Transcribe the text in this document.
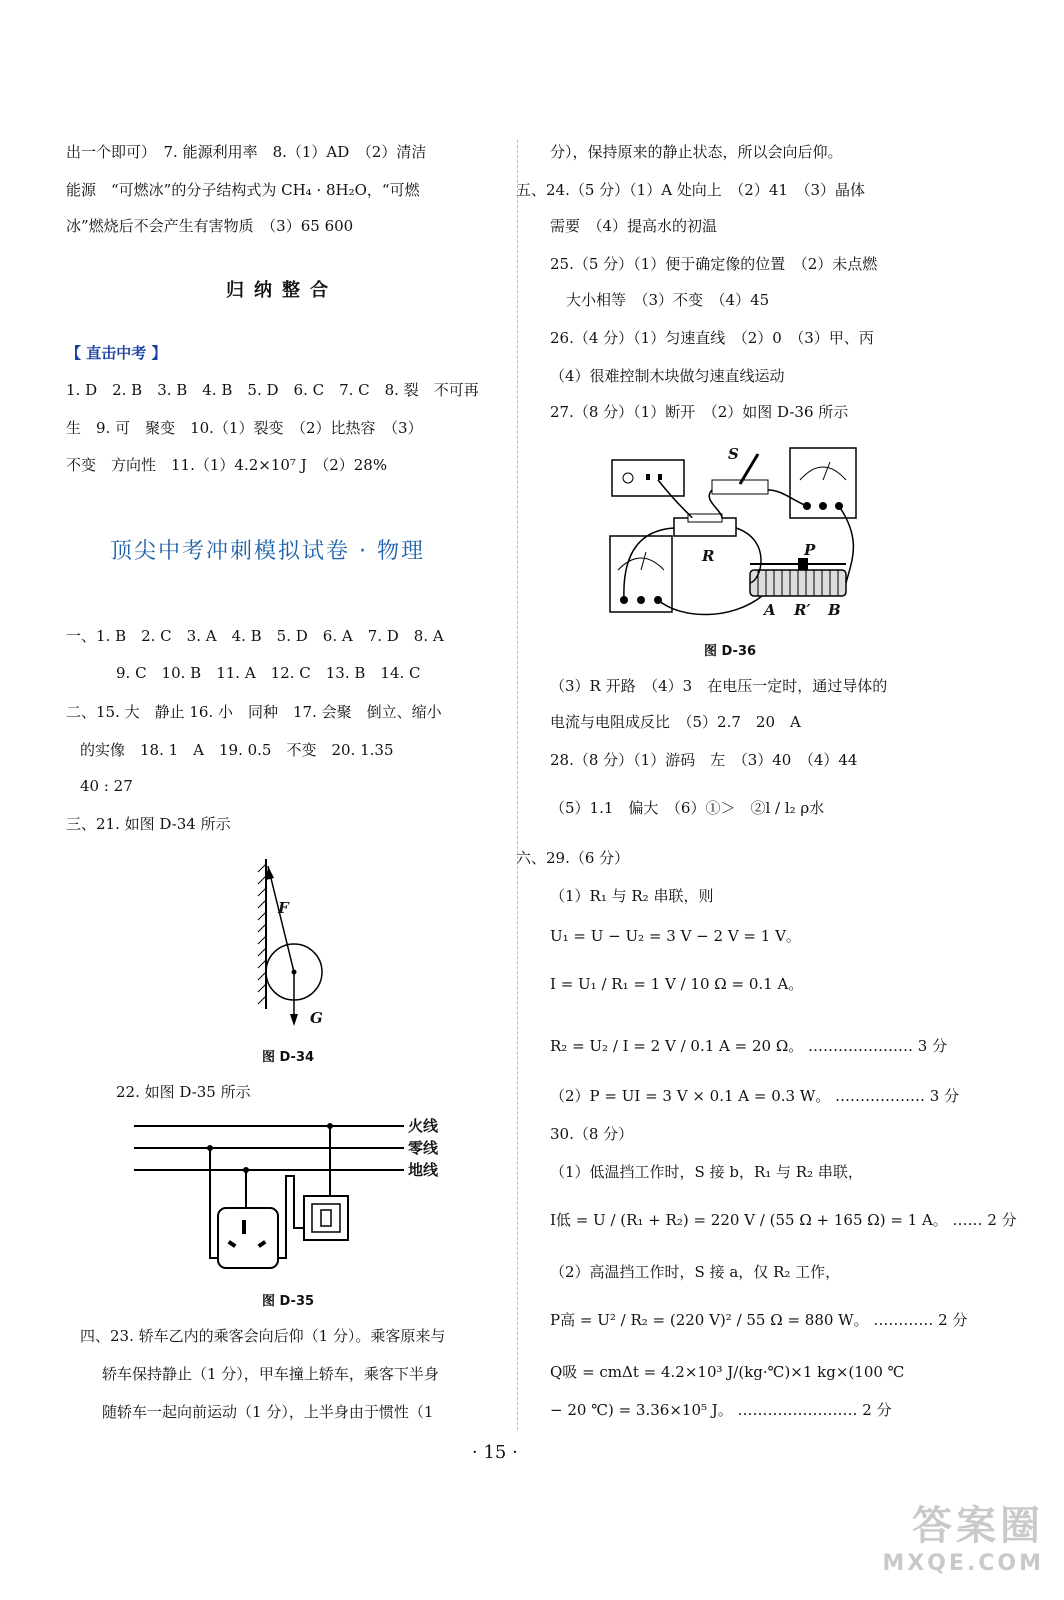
出一个即可）　7. 能源利用率　8.（1）AD　（2）清洁
能源　“可燃冰”的分子结构式为 CH₄ · 8H₂O，“可燃
冰”燃烧后不会产生有害物质　（3）65 600
归纳整合
【 直击中考 】
1. D　2. B　3. B　4. B　5. D　6. C　7. C　8. 裂　不可再
生　9. 可　聚变　10.（1）裂变　（2）比热容　（3）
不变　方向性　11.（1）4.2×10⁷ J　（2）28%
顶尖中考冲刺模拟试卷 · 物理
一、1. B　2. C　3. A　4. B　5. D　6. A　7. D　8. A
9. C　10. B　11. A　12. C　13. B　14. C
二、15. 大　静止 16. 小　同种　17. 会聚　倒立、缩小
的实像　18. 1　A　19. 0.5　不变　20. 1.35
40 : 27
三、21. 如图 D-34 所示
F
G
图 D-34
22. 如图 D-35 所示
火线
零线
地线
图 D-35
四、23. 轿车乙内的乘客会向后仰（1 分）。乘客原来与
轿车保持静止（1 分），甲车撞上轿车，乘客下半身
随轿车一起向前运动（1 分），上半身由于惯性（1
分），保持原来的静止状态，所以会向后仰。
五、24.（5 分）（1）A 处向上　（2）41　（3）晶体
需要　（4）提高水的初温
25.（5 分）（1）便于确定像的位置　（2）未点燃
大小相等　（3）不变　（4）45
26.（4 分）（1）匀速直线　（2）0　（3）甲、丙
（4）很难控制木块做匀速直线运动
27.（8 分）（1）断开　（2）如图 D-36 所示
S
R	P
R′
A	B
图 D-36
（3）R 开路　（4）3　在电压一定时，通过导体的
电流与电阻成反比　（5）2.7　20　A
28.（8 分）（1）游码　左　（3）40　（4）44
（5）1.1　偏大　（6）①＞　②l / l₂ ρ水
六、29.（6 分）
（1）R₁ 与 R₂ 串联，则
U₁ = U − U₂ = 3 V − 2 V = 1 V。
I = U₁ / R₁ = 1 V / 10 Ω = 0.1 A。
R₂ = U₂ / I = 2 V / 0.1 A = 20 Ω。 ………………… 3 分
（2）P = UI = 3 V × 0.1 A = 0.3 W。 ……………… 3 分
30.（8 分）
（1）低温挡工作时，S 接 b，R₁ 与 R₂ 串联，
I低 = U / (R₁ + R₂) = 220 V / (55 Ω + 165 Ω) = 1 A。 …… 2 分
（2）高温挡工作时，S 接 a，仅 R₂ 工作，
P高 = U² / R₂ = (220 V)² / 55 Ω = 880 W。 ………… 2 分
Q吸 = cmΔt = 4.2×10³ J/(kg·℃)×1 kg×(100 ℃
− 20 ℃) = 3.36×10⁵ J。 …………………… 2 分
· 15 ·
答案圈
MXQE.COM
